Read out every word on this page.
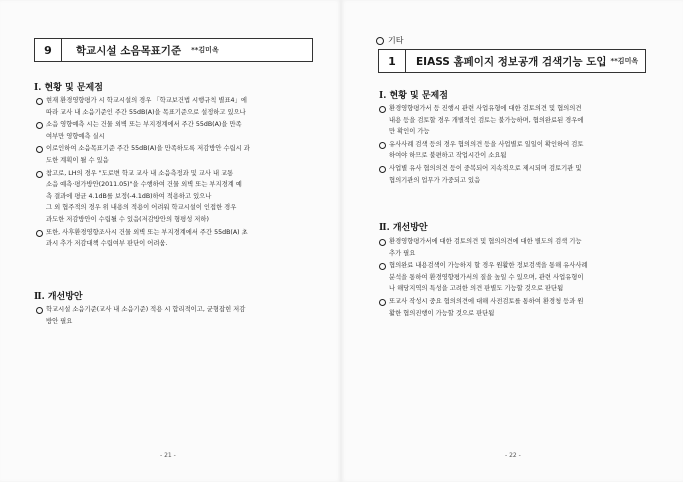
9	학교시설 소음목표기준 **김미옥
Ⅰ. 현황 및 문제점
현재 환경영향평가 시 학교시설의 경우 「학교보건법 시행규칙 별표4」에
따라 교사 내 소음기준인 주간 55dB(A)을 목표기준으로 설정하고 있으나
소음 영향예측 시는 건물 외벽 또는 부지경계에서 주간 55dB(A)을 만족
여부만 영향예측 실시
이로인하여 소음목표기준 주간 55dB(A)을 만족하도록 저감방안 수립시 과
도한 계획이 될 수 있음
참고로, LH의 경우 "도로변 학교 교사 내 소음측정과 및 교사 내 교통
소음 예측·평가방안(2011.05)"을 수행하여 건물 외벽 또는 부지경계 예
측 결과에 평균 4.1dB를 보정(-4.1dB)하여 적용하고 있으나
그 외 협주적의 경우 위 내용의 적용이 어려워 학교시설이 인접한 경우
과도한 저감방안이 수립될 수 있음(저감방안의 형평성 저하)
또한, 사후환경영향조사시 건물 외벽 또는 부지경계에서 주간 55dB(A) 초
과시 추가 저감대책 수립여부 판단이 어려움.
Ⅱ. 개선방안
학교시설 소음기준(교사 내 소음기준) 적용 시 합리적이고, 균형잡힌 저감
방안 필요
- 21 -
기타
1	EIASS 홈페이지 정보공개 검색기능 도입 **김미옥
Ⅰ. 현황 및 문제점
환경영향평가서 등 진행시 관련 사업유형에 대한 검토의견 및 협의의견
내용 등을 검토할 경우 개별적인 검토는 불가능하며, 협의완료된 경우에
만 확인이 가능
유사사례 검색 등의 경우 협의의견 등을 사업별로 일일이 확인하여 검토
하여야 하므로 불편하고 작업시간이 소요됨
사업별 유사 협의의견 등이 중복되어 지속적으로 제시되며 검토기관 및
협의기관의 업무가 가중되고 있음
Ⅱ. 개선방안
환경영향평가서에 대한 검토의견 및 협의의견에 대한 별도의 검색 기능
추가 필요
협의완료 내용검색이 가능하지 할 경우 원활한 정보검색을 통해 유사사례
분석을 통하여 환경영향평가서의 질을 높일 수 있으며, 관련 사업유형이
나 해당지역의 특성을 고려한 의견 판별도 기능할 것으로 판단됨
또교사 작성시 중요 협의의견에 대해 사전검토를 통하여 환경청 등과 원
활한 협의진행이 가능할 것으로 판단됨
- 22 -
